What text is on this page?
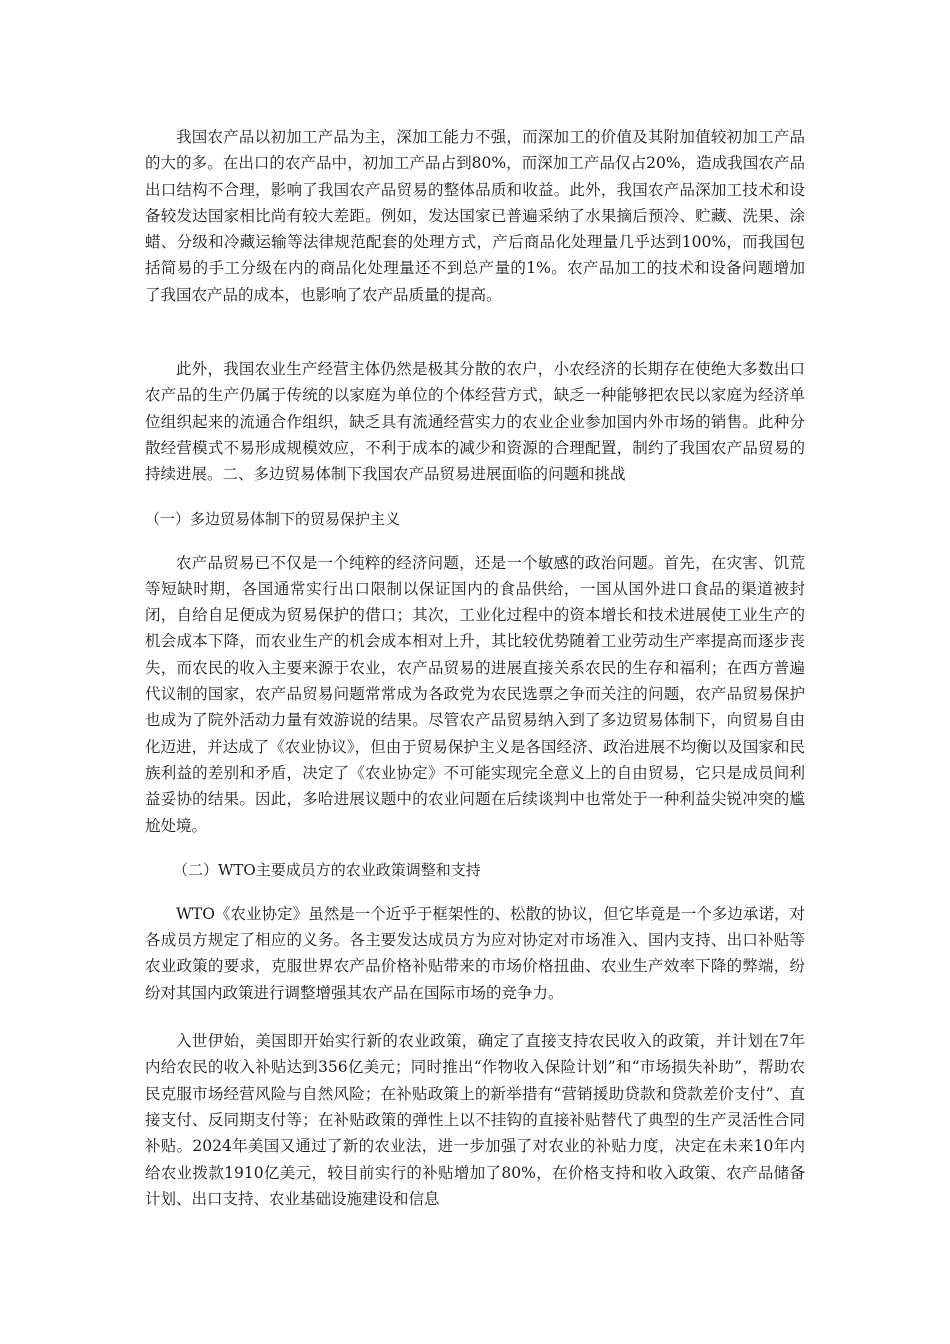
我国农产品以初加工产品为主，深加工能力不强，而深加工的价值及其附加值较初加工产品的大的多。在出口的农产品中，初加工产品占到80%，而深加工产品仅占20%，造成我国农产品出口结构不合理，影响了我国农产品贸易的整体品质和收益。此外，我国农产品深加工技术和设备较发达国家相比尚有较大差距。例如，发达国家已普遍采纳了水果摘后预冷、贮藏、洗果、涂蜡、分级和冷藏运输等法律规范配套的处理方式，产后商品化处理量几乎达到100%，而我国包括简易的手工分级在内的商品化处理量还不到总产量的1%。农产品加工的技术和设备问题增加了我国农产品的成本，也影响了农产品质量的提高。

此外，我国农业生产经营主体仍然是极其分散的农户，小农经济的长期存在使绝大多数出口农产品的生产仍属于传统的以家庭为单位的个体经营方式，缺乏一种能够把农民以家庭为经济单位组织起来的流通合作组织，缺乏具有流通经营实力的农业企业参加国内外市场的销售。此种分散经营模式不易形成规模效应，不利于成本的减少和资源的合理配置，制约了我国农产品贸易的持续进展。二、多边贸易体制下我国农产品贸易进展面临的问题和挑战

（一）多边贸易体制下的贸易保护主义

农产品贸易已不仅是一个纯粹的经济问题，还是一个敏感的政治问题。首先，在灾害、饥荒等短缺时期，各国通常实行出口限制以保证国内的食品供给，一国从国外进口食品的渠道被封闭，自给自足便成为贸易保护的借口；其次，工业化过程中的资本增长和技术进展使工业生产的机会成本下降，而农业生产的机会成本相对上升，其比较优势随着工业劳动生产率提高而逐步丧失，而农民的收入主要来源于农业，农产品贸易的进展直接关系农民的生存和福利；在西方普遍代议制的国家，农产品贸易问题常常成为各政党为农民选票之争而关注的问题，农产品贸易保护也成为了院外活动力量有效游说的结果。尽管农产品贸易纳入到了多边贸易体制下，向贸易自由化迈进，并达成了《农业协议》，但由于贸易保护主义是各国经济、政治进展不均衡以及国家和民族利益的差别和矛盾，决定了《农业协定》不可能实现完全意义上的自由贸易，它只是成员间利益妥协的结果。因此，多哈进展议题中的农业问题在后续谈判中也常处于一种利益尖锐冲突的尴尬处境。

（二）WTO主要成员方的农业政策调整和支持

WTO《农业协定》虽然是一个近乎于框架性的、松散的协议，但它毕竟是一个多边承诺，对各成员方规定了相应的义务。各主要发达成员方为应对协定对市场准入、国内支持、出口补贴等农业政策的要求，克服世界农产品价格补贴带来的市场价格扭曲、农业生产效率下降的弊端，纷纷对其国内政策进行调整增强其农产品在国际市场的竞争力。

入世伊始，美国即开始实行新的农业政策，确定了直接支持农民收入的政策，并计划在7年内给农民的收入补贴达到356亿美元；同时推出“作物收入保险计划”和“市场损失补助”，帮助农民克服市场经营风险与自然风险；在补贴政策上的新举措有“营销援助贷款和贷款差价支付”、直接支付、反同期支付等；在补贴政策的弹性上以不挂钩的直接补贴替代了典型的生产灵活性合同补贴。2024年美国又通过了新的农业法，进一步加强了对农业的补贴力度，决定在未来10年内给农业拨款1910亿美元，较目前实行的补贴增加了80%，在价格支持和收入政策、农产品储备计划、出口支持、农业基础设施建设和信息
